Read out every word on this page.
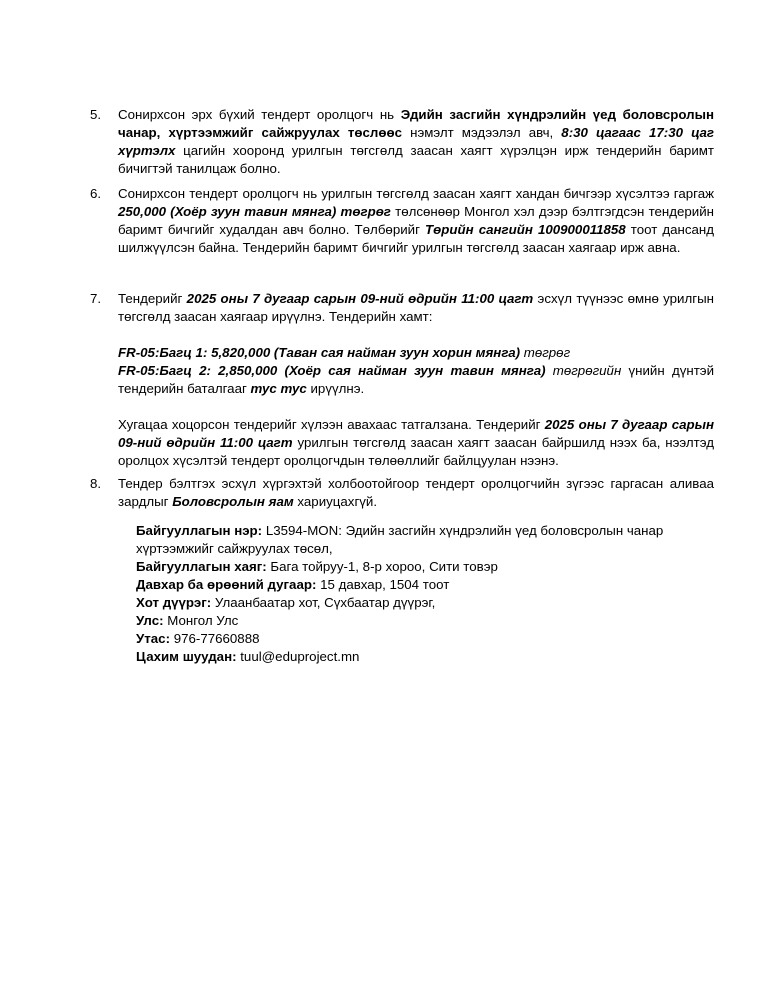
5.	Сонирхсон эрх бүхий тендерт оролцогч нь Эдийн засгийн хүндрэлийн үед боловсролын чанар, хүртээмжийг сайжруулах төслөөс нэмэлт мэдээлэл авч, 8:30 цагаас 17:30 цаг хүртэлх цагийн хооронд урилгын төгсгөлд заасан хаягт хүрэлцэн ирж тендерийн баримт бичигтэй танилцаж болно.
6.	Сонирхсон тендерт оролцогч нь урилгын төгсгөлд заасан хаягт хандан бичгээр хүсэлтээ гаргаж 250,000 (Хоёр зуун тавин мянга) төгрөг төлсөнөөр Монгол хэл дээр бэлтгэгдсэн тендерийн баримт бичгийг худалдан авч болно. Төлбөрийг Төрийн сангийн 100900011858 тоот дансанд шилжүүлсэн байна. Тендерийн баримт бичгийг урилгын төгсгөлд заасан хаягаар ирж авна.
7.	Тендерийг 2025 оны 7 дугаар сарын 09-ний өдрийн 11:00 цагт эсхүл түүнээс өмнө урилгын төгсгөлд заасан хаягаар ирүүлнэ. Тендерийн хамт:

FR-05:Багц 1: 5,820,000 (Таван сая найман зуун хорин мянга) төгрөг
FR-05:Багц 2: 2,850,000 (Хоёр сая найман зуун тавин мянга) төгрөгийн үнийн дүнтэй тендерийн баталгааг тус тус ирүүлнэ.

Хугацаа хоцорсон тендерийг хүлээн авахаас татгалзана. Тендерийг 2025 оны 7 дугаар сарын 09-ний өдрийн 11:00 цагт урилгын төгсгөлд заасан хаягт заасан байршилд нээх ба, нээлтэд оролцох хүсэлтэй тендерт оролцогчдын төлөөллийг байлцуулан нээнэ.

8.	Тендер бэлтгэх эсхүл хүргэхтэй холбоотойгоор тендерт оролцогчийн зүгээс гаргасан аливаа зардлыг Боловсролын яам хариуцахгүй.
Байгууллагын нэр: L3594-MON: Эдийн засгийн хүндрэлийн үед боловсролын чанар
хүртээмжийг сайжруулах төсөл,
Байгууллагын хаяг: Бага тойруу-1, 8-р хороо, Сити товэр
Давхар ба өрөөний дугаар: 15 давхар, 1504 тоот
Хот дүүрэг: Улаанбаатар хот, Сүхбаатар дүүрэг,
Улс: Монгол Улс
Утас: 976-77660888
Цахим шуудан: tuul@eduproject.mn
